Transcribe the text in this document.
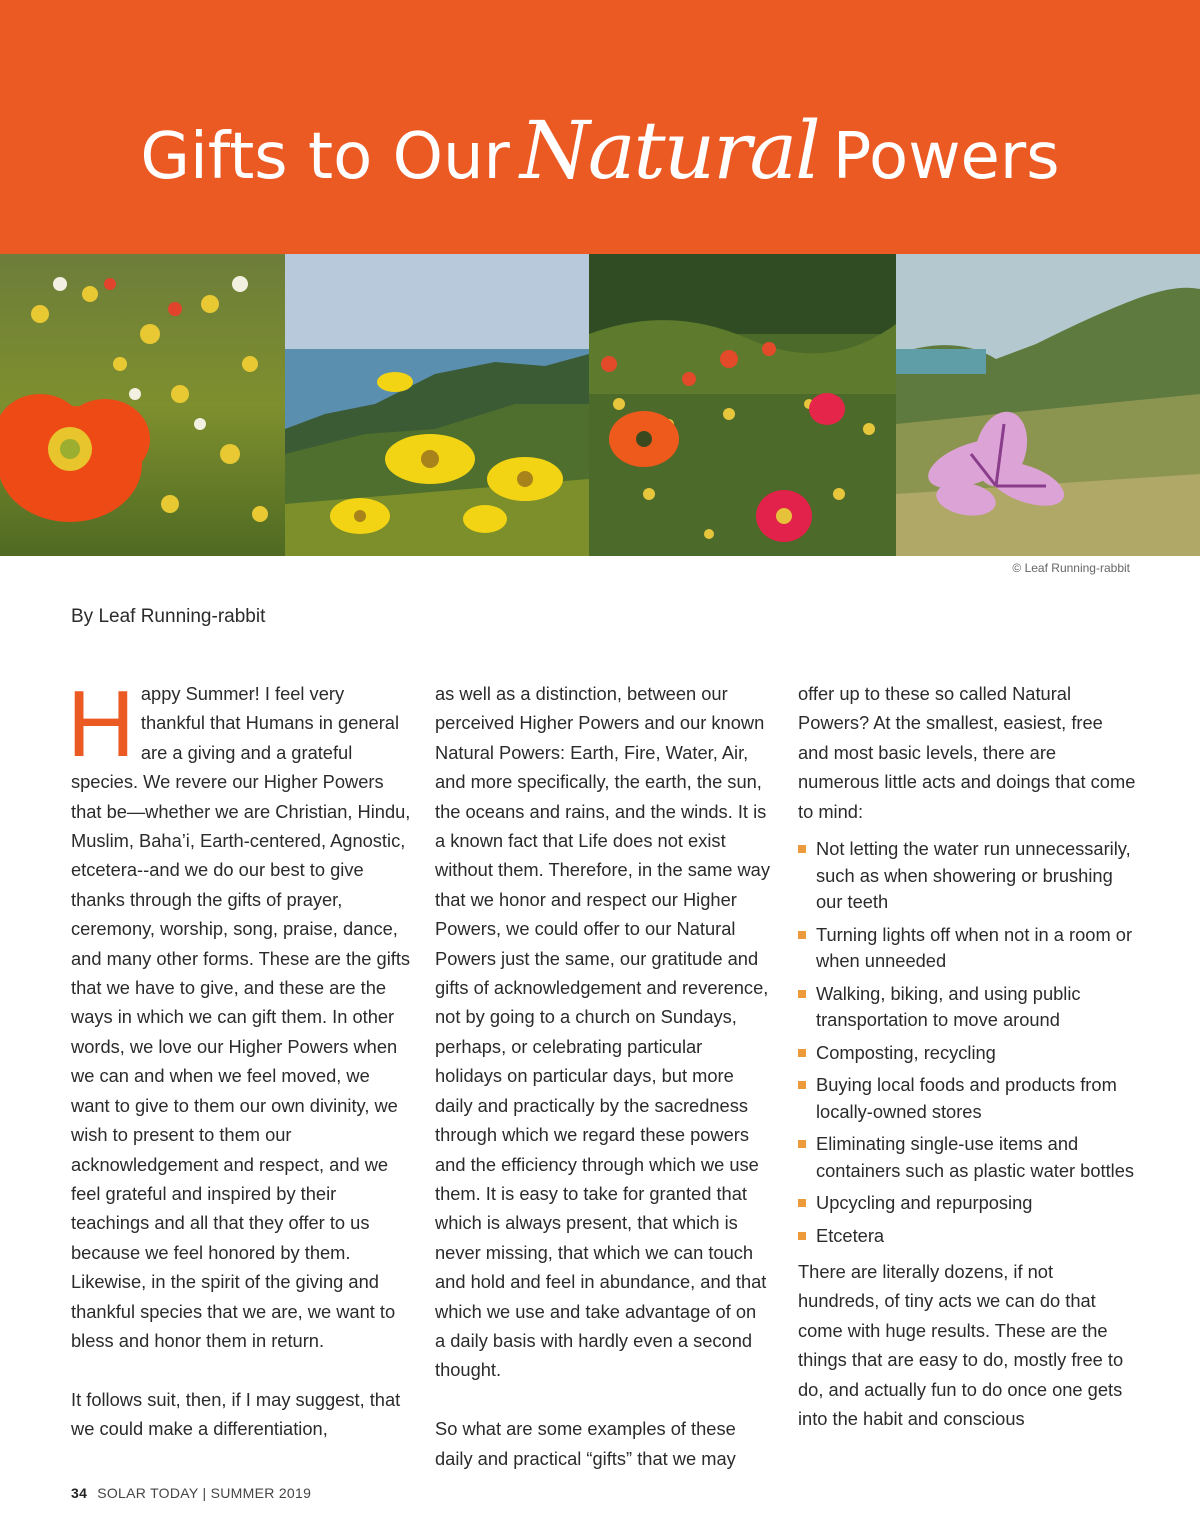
Gifts to Our Natural Powers
© Leaf Running-rabbit
By Leaf Running-rabbit

Happy Summer! I feel very thankful that Humans in general are a giving and a grateful species. We revere our Higher Powers that be—whether we are Christian, Hindu, Muslim, Baha’i, Earth-centered, Agnostic, etcetera--and we do our best to give thanks through the gifts of prayer, ceremony, worship, song, praise, dance, and many other forms. These are the gifts that we have to give, and these are the ways in which we can gift them. In other words, we love our Higher Powers when we can and when we feel moved, we want to give to them our own divinity, we wish to present to them our acknowledgement and respect, and we feel grateful and inspired by their teachings and all that they offer to us because we feel honored by them. Likewise, in the spirit of the giving and thankful species that we are, we want to bless and honor them in return.

It follows suit, then, if I may suggest, that we could make a differentiation,

as well as a distinction, between our perceived Higher Powers and our known Natural Powers: Earth, Fire, Water, Air, and more specifically, the earth, the sun, the oceans and rains, and the winds. It is a known fact that Life does not exist without them. Therefore, in the same way that we honor and respect our Higher Powers, we could offer to our Natural Powers just the same, our gratitude and gifts of acknowledgement and reverence, not by going to a church on Sundays, perhaps, or celebrating particular holidays on particular days, but more daily and practically by the sacredness through which we regard these powers and the efficiency through which we use them. It is easy to take for granted that which is always present, that which is never missing, that which we can touch and hold and feel in abundance, and that which we use and take advantage of on a daily basis with hardly even a second thought.

So what are some examples of these daily and practical “gifts” that we may

offer up to these so called Natural Powers? At the smallest, easiest, free and most basic levels, there are numerous little acts and doings that come to mind:

Not letting the water run unnecessarily, such as when showering or brushing our teeth
Turning lights off when not in a room or when unneeded
Walking, biking, and using public transportation to move around
Composting, recycling
Buying local foods and products from locally-owned stores
Eliminating single-use items and containers such as plastic water bottles
Upcycling and repurposing
Etcetera

There are literally dozens, if not hundreds, of tiny acts we can do that come with huge results. These are the things that are easy to do, mostly free to do, and actually fun to do once one gets into the habit and conscious

34 SOLAR TODAY | SUMMER 2019
